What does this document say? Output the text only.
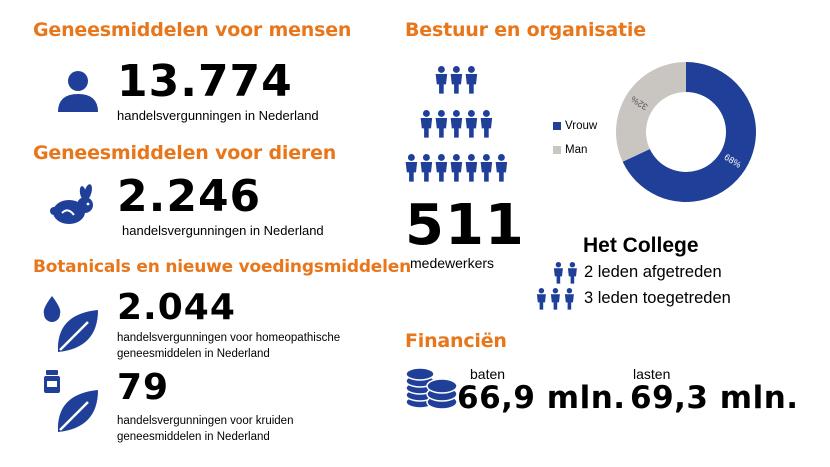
Geneesmiddelen voor mensen
13.774
handelsvergunningen in Nederland
Geneesmiddelen voor dieren
2.246
handelsvergunningen in Nederland
Botanicals en nieuwe voedingsmiddelen
2.044
handelsvergunningen voor homeopathische
geneesmiddelen in Nederland
79
handelsvergunningen voor kruiden
geneesmiddelen in Nederland
Bestuur en organisatie
511
medewerkers
Vrouw
Man
68%
32%
Het College
2 leden afgetreden
3 leden toegetreden
Financiën
baten
66,9 mln.
lasten
69,3 mln.
